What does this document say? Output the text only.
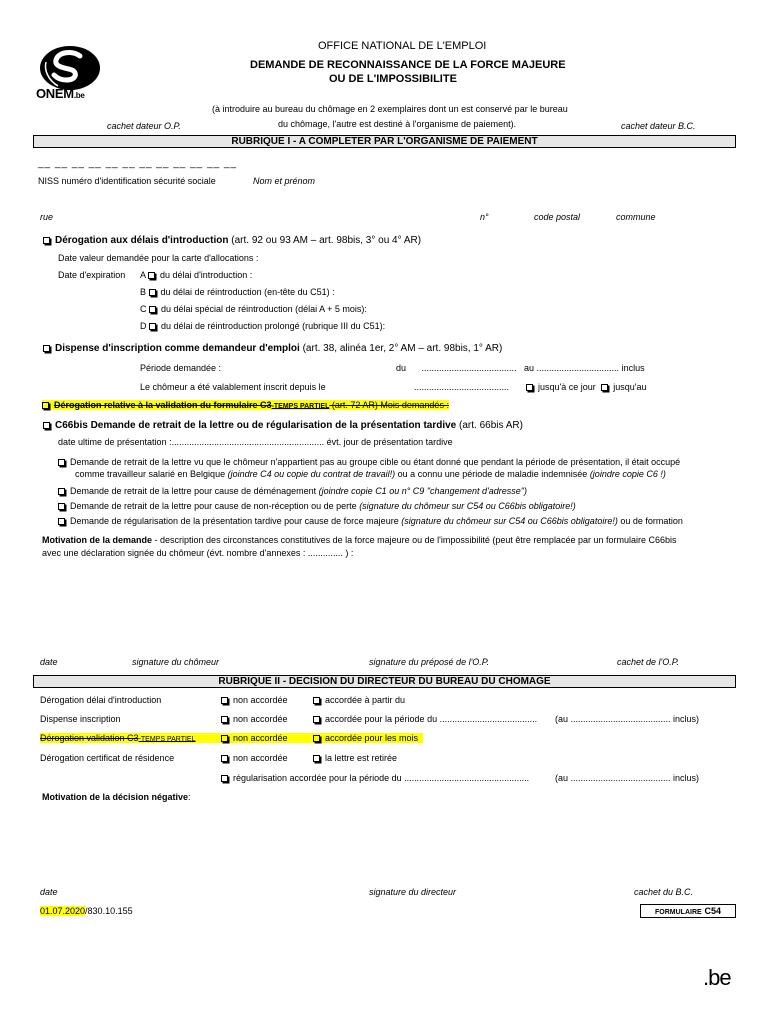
ONEM.be
OFFICE NATIONAL DE L'EMPLOI
DEMANDE DE RECONNAISSANCE DE LA FORCE MAJEURE
OU DE L'IMPOSSIBILITE
(à introduire au bureau du chômage en 2 exemplaires dont un est conservé par le bureau
du chômage, l'autre est destiné à l'organisme de paiement).
cachet dateur O.P.	cachet dateur B.C.
RUBRIQUE I - A COMPLETER PAR L'ORGANISME DE PAIEMENT
__ __ __ __ __ __ __ __ __ __ __ __
NISS numéro d'identification sécurité sociale	Nom et prénom
rue	n°	code postal	commune
Dérogation aux délais d'introduction (art. 92 ou 93 AM – art. 98bis, 3° ou 4° AR)
Date valeur demandée pour la carte d'allocations :
Date d'expiration A du délai d'introduction :
B du délai de réintroduction (en-tête du C51) :
C du délai spécial de réintroduction (délai A + 5 mois):
D du délai de réintroduction prolongé (rubrique III du C51):
Dispense d'inscription comme demandeur d'emploi (art. 38, alinéa 1er, 2° AM – art. 98bis, 1° AR)
Période demandée :	du ...................................... au ................................. inclus
Le chômeur a été valablement inscrit depuis le	......................................	jusqu'à ce jour jusqu'au
Dérogation relative à la validation du formulaire C3-TEMPS PARTIEL (art. 72 AR) Mois demandés :
C66bis Demande de retrait de la lettre ou de régularisation de la présentation tardive (art. 66bis AR)
date ultime de présentation :............................................................. évt. jour de présentation tardive
Demande de retrait de la lettre vu que le chômeur n'appartient pas au groupe cible ou étant donné que pendant la période de présentation, il était occupé
comme travailleur salarié en Belgique (joindre C4 ou copie du contrat de travail!) ou a connu une période de maladie indemnisée (joindre copie C6 !)
Demande de retrait de la lettre pour cause de déménagement (joindre copie C1 ou n° C9 "changement d'adresse")
Demande de retrait de la lettre pour cause de non-réception ou de perte (signature du chômeur sur C54 ou C66bis obligatoire!)
Demande de régularisation de la présentation tardive pour cause de force majeure (signature du chômeur sur C54 ou C66bis obligatoire!) ou de formation
Motivation de la demande - description des circonstances constitutives de la force majeure ou de l'impossibilité (peut être remplacée par un formulaire C66bis
avec une déclaration signée du chômeur (évt. nombre d'annexes : .............. ) :
date	signature du chômeur	signature du préposé de l'O.P.	cachet de l'O.P.
RUBRIQUE II - DECISION DU DIRECTEUR DU BUREAU DU CHOMAGE
Dérogation délai d'introduction	non accordée	accordée à partir du
Dispense inscription	non accordée	accordée pour la période du ....................................... (au ........................................ inclus)
Dérogation validation C3-TEMPS PARTIEL	non accordée	accordée pour les mois
Dérogation certificat de résidence	non accordée	la lettre est retirée
régularisation accordée pour la période du ..................................................	(au ........................................ inclus)
Motivation de la décision négative:
date	signature du directeur	cachet du B.C.
01.07.2020/830.10.155	FORMULAIRE C54
.be
